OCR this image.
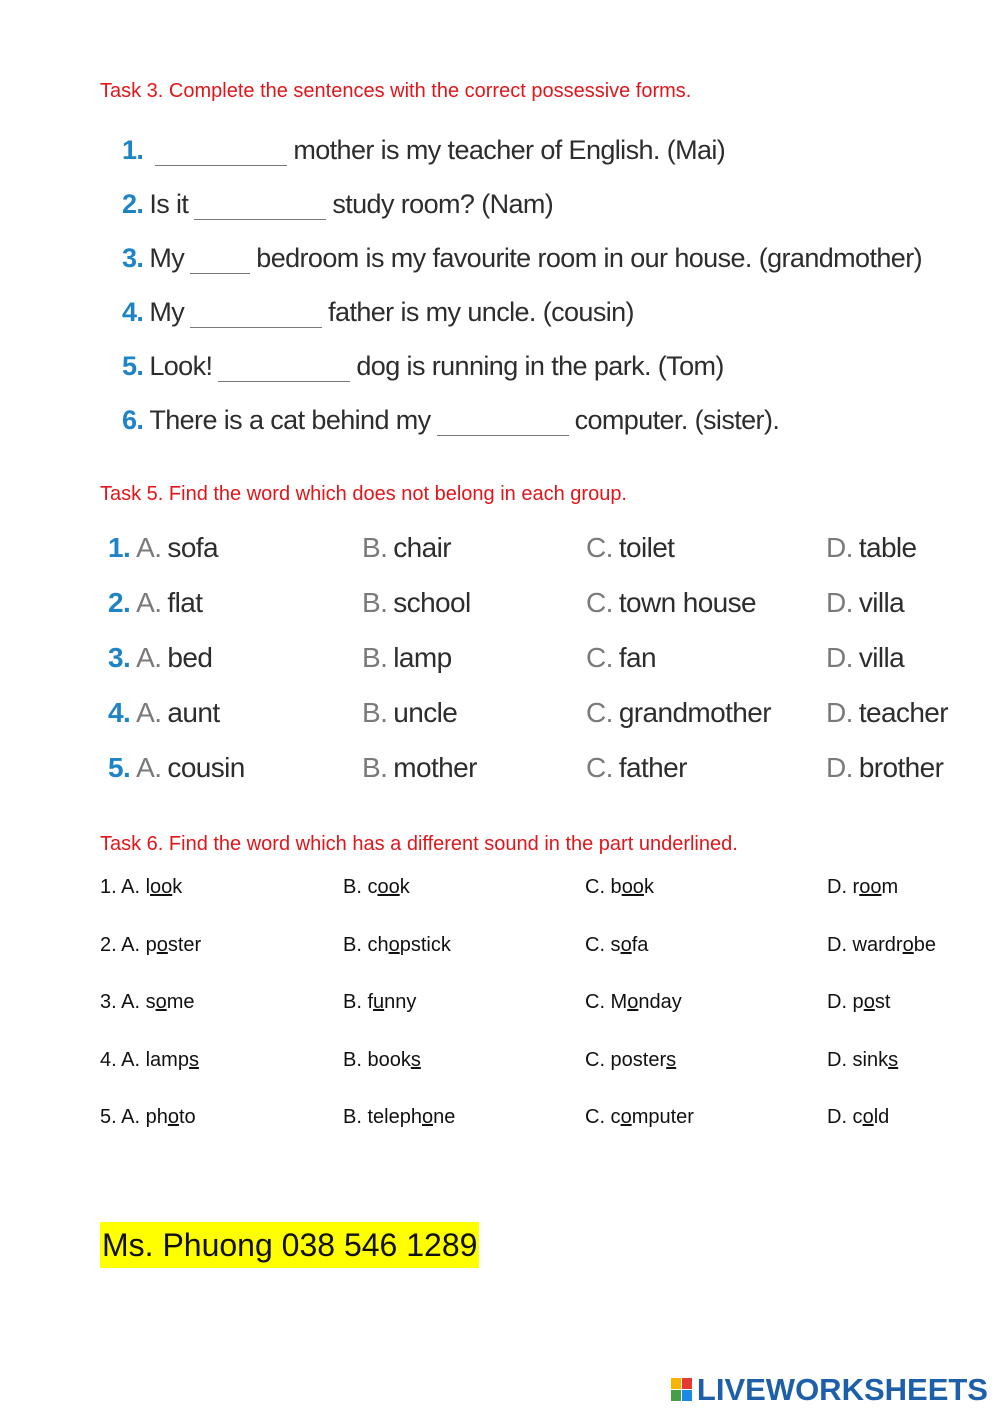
Task 3. Complete the sentences with the correct possessive forms.
1.	mother is my teacher of English. (Mai)
2. Is it	study room? (Nam)
3. My	bedroom is my favourite room in our house. (grandmother)
4. My	father is my uncle. (cousin)
5. Look!	dog is running in the park. (Tom)
6. There is a cat behind my	computer. (sister).
Task 5. Find the word which does not belong in each group.
1. A. sofa	B. chair	C. toilet	D. table
2. A. flat	B. school	C. town house D. villa
3. A. bed	B. lamp	C. fan	D. villa
4. A. aunt	B. uncle	C. grandmother D. teacher
5. A. cousin	B. mother	C. father	D. brother
Task 6. Find the word which has a different sound in the part underlined.
1. A. look	B. cook	C. book	D. room
2. A. poster	B. chopstick	C. sofa	D. wardrobe
3. A. some	B. funny	C. Monday	D. post
4. A. lamps	B. books	C. posters	D. sinks
5. A. photo	B. telephone	C. computer	D. cold
Ms. Phuong 038 546 1289
LIVEWORKSHEETS
